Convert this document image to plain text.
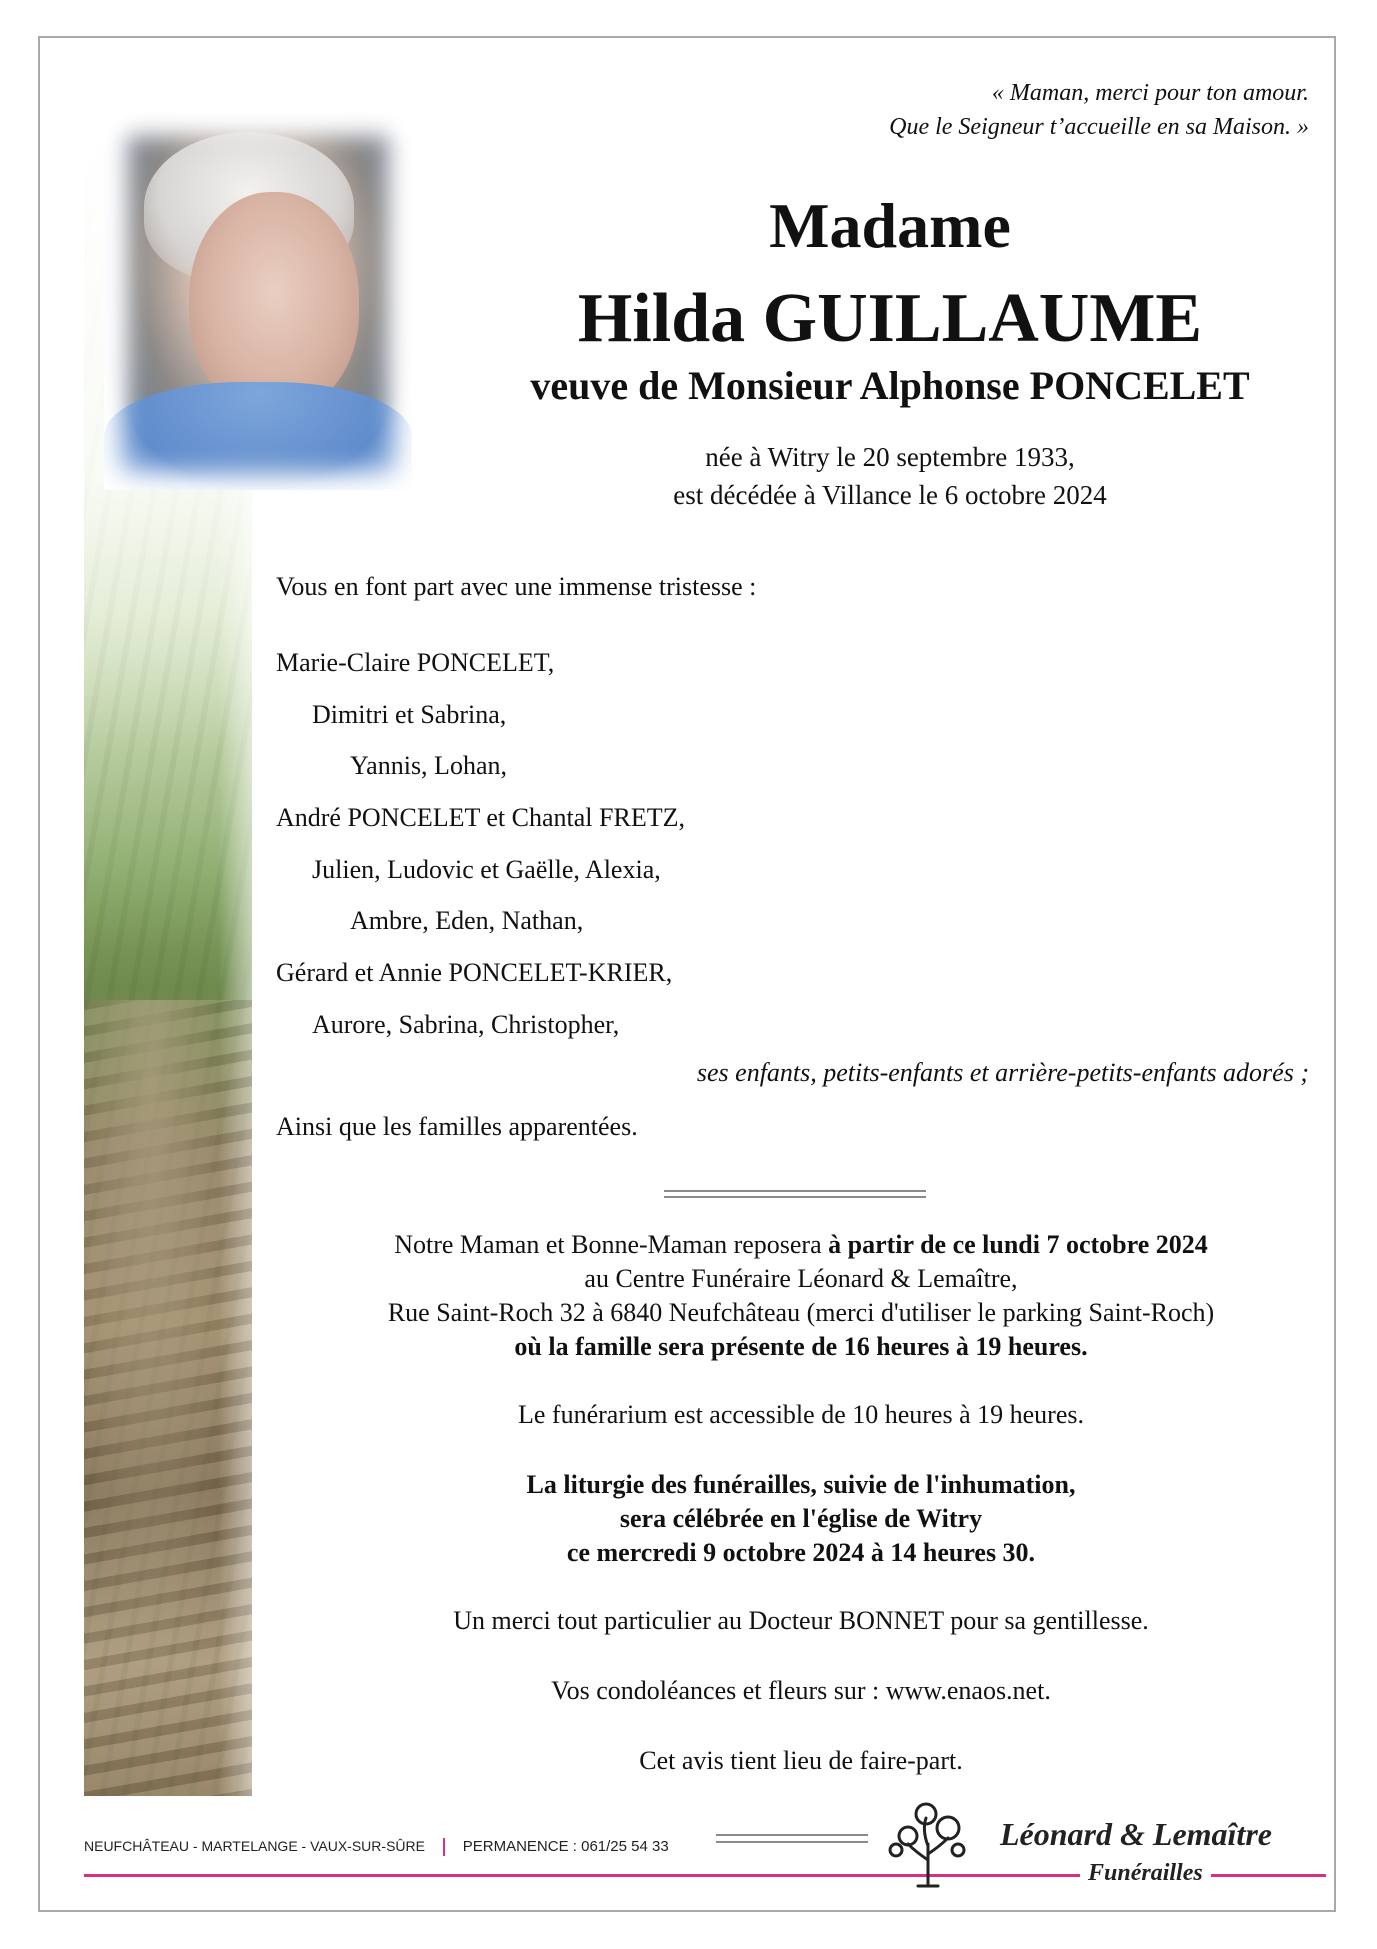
« Maman, merci pour ton amour.
Que le Seigneur t’accueille en sa Maison. »
Madame
Hilda GUILLAUME
veuve de Monsieur Alphonse PONCELET
née à Witry le 20 septembre 1933,
est décédée à Villance le 6 octobre 2024
Vous en font part avec une immense tristesse :
Marie-Claire PONCELET,
Dimitri et Sabrina,
Yannis, Lohan,
André PONCELET et Chantal FRETZ,
Julien, Ludovic et Gaëlle, Alexia,
Ambre, Eden, Nathan,
Gérard et Annie PONCELET-KRIER,
Aurore, Sabrina, Christopher,
ses enfants, petits-enfants et arrière-petits-enfants adorés ;
Ainsi que les familles apparentées.
Notre Maman et Bonne-Maman reposera à partir de ce lundi 7 octobre 2024
au Centre Funéraire Léonard & Lemaître,
Rue Saint-Roch 32 à 6840 Neufchâteau (merci d'utiliser le parking Saint-Roch)
où la famille sera présente de 16 heures à 19 heures.
Le funérarium est accessible de 10 heures à 19 heures.
La liturgie des funérailles, suivie de l'inhumation,
sera célébrée en l'église de Witry
ce mercredi 9 octobre 2024 à 14 heures 30.
Un merci tout particulier au Docteur BONNET pour sa gentillesse.
Vos condoléances et fleurs sur : www.enaos.net.
Cet avis tient lieu de faire-part.
NEUFCHÂTEAU - MARTELANGE - VAUX-SUR-SÛRE	PERMANENCE : 061/25 54 33	Léonard & Lemaître
Funérailles
